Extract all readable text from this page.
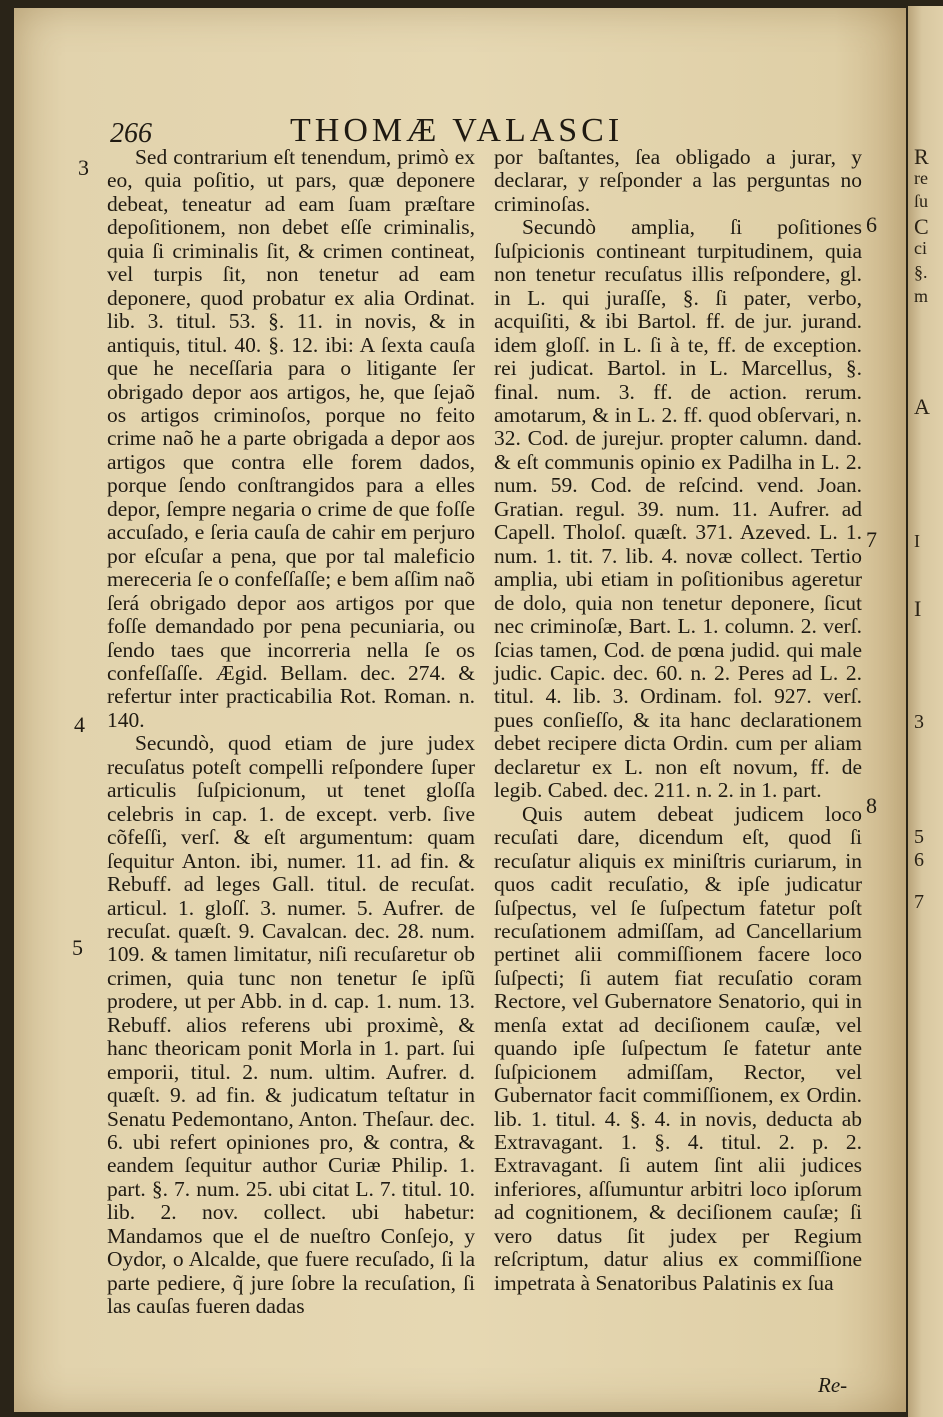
R
re
ſu
C
ci
§.
m
A
I
I
3
5
6
7
266	THOMÆ VALASCI
3
4
5
6
7
8

Sed contrarium eſt tenendum, primò ex eo, quia poſitio, ut pars, quæ deponere debeat, teneatur ad eam ſuam præſtare depoſitionem, non debet eſſe criminalis, quia ſi criminalis ſit, & crimen contineat, vel turpis ſit, non tenetur ad eam deponere, quod probatur ex alia Ordinat. lib. 3. titul. 53. §. 11. in novis, & in antiquis, titul. 40. §. 12. ibi: A ſexta cauſa que he neceſſaria para o litigante ſer obrigado depor aos artigos, he, que ſejaõ os artigos criminoſos, porque no feito crime naõ he a parte obrigada a depor aos artigos que contra elle forem dados, porque ſendo conſtrangidos para a elles depor, ſempre negaria o crime de que foſſe accuſado, e ſeria cauſa de cahir em perjuro por eſcuſar a pena, que por tal maleficio mereceria ſe o confeſſaſſe; e bem aſſim naõ ſerá obrigado depor aos artigos por que foſſe demandado por pena pecuniaria, ou ſendo taes que incorreria nella ſe os confeſſaſſe. Ægid. Bellam. dec. 274. & refertur inter practicabilia Rot. Roman. n. 140.

Secundò, quod etiam de jure judex recuſatus poteſt compelli reſpondere ſuper articulis ſuſpicionum, ut tenet gloſſa celebris in cap. 1. de except. verb. ſive cõfeſſi, verſ. & eſt argumentum: quam ſequitur Anton. ibi, numer. 11. ad fin. & Rebuff. ad leges Gall. titul. de recuſat. articul. 1. gloſſ. 3. numer. 5. Aufrer. de recuſat. quæſt. 9. Cavalcan. dec. 28. num. 109. & tamen limitatur, niſi recuſaretur ob crimen, quia tunc non tenetur ſe ipſũ prodere, ut per Abb. in d. cap. 1. num. 13. Rebuff. alios referens ubi proximè, & hanc theoricam ponit Morla in 1. part. ſui emporii, titul. 2. num. ultim. Aufrer. d. quæſt. 9. ad fin. & judicatum teſtatur in Senatu Pedemontano, Anton. Theſaur. dec. 6. ubi refert opiniones pro, & contra, & eandem ſequitur author Curiæ Philip. 1. part. §. 7. num. 25. ubi citat L. 7. titul. 10. lib. 2. nov. collect. ubi habetur: Mandamos que el de nueſtro Conſejo, y Oydor, o Alcalde, que fuere recuſado, ſi la parte pediere, q̃ jure ſobre la recuſation, ſi las cauſas fueren dadas

por baſtantes, ſea obligado a jurar, y declarar, y reſponder a las perguntas no criminoſas.

Secundò amplia, ſi poſitiones ſuſpicionis contineant turpitudinem, quia non tenetur recuſatus illis reſpondere, gl. in L. qui juraſſe, §. ſi pater, verbo, acquiſiti, & ibi Bartol. ff. de jur. jurand. idem gloſſ. in L. ſi à te, ff. de exception. rei judicat. Bartol. in L. Marcellus, §. final. num. 3. ff. de action. rerum. amotarum, & in L. 2. ff. quod obſervari, n. 32. Cod. de jurejur. propter calumn. dand. & eſt communis opinio ex Padilha in L. 2. num. 59. Cod. de reſcind. vend. Joan. Gratian. regul. 39. num. 11. Aufrer. ad Capell. Tholoſ. quæſt. 371. Azeved. L. 1. num. 1. tit. 7. lib. 4. novæ collect. Tertio amplia, ubi etiam in poſitionibus ageretur de dolo, quia non tenetur deponere, ſicut nec criminoſæ, Bart. L. 1. column. 2. verſ. ſcias tamen, Cod. de pœna judid. qui male judic. Capic. dec. 60. n. 2. Peres ad L. 2. titul. 4. lib. 3. Ordinam. fol. 927. verſ. pues conſieſſo, & ita hanc declarationem debet recipere dicta Ordin. cum per aliam declaretur ex L. non eſt novum, ff. de legib. Cabed. dec. 211. n. 2. in 1. part.

Quis autem debeat judicem loco recuſati dare, dicendum eſt, quod ſi recuſatur aliquis ex miniſtris curiarum, in quos cadit recuſatio, & ipſe judicatur ſuſpectus, vel ſe ſuſpectum fatetur poſt recuſationem admiſſam, ad Cancellarium pertinet alii commiſſionem facere loco ſuſpecti; ſi autem fiat recuſatio coram Rectore, vel Gubernatore Senatorio, qui in menſa extat ad deciſionem cauſæ, vel quando ipſe ſuſpectum ſe fatetur ante ſuſpicionem admiſſam, Rector, vel Gubernator facit commiſſionem, ex Ordin. lib. 1. titul. 4. §. 4. in novis, deducta ab Extravagant. 1. §. 4. titul. 2. p. 2. Extravagant. ſi autem ſint alii judices inferiores, aſſumuntur arbitri loco ipſorum ad cognitionem, & deciſionem cauſæ; ſi vero datus ſit judex per Regium reſcriptum, datur alius ex commiſſione impetrata à Senatoribus Palatinis ex ſua

Re-
